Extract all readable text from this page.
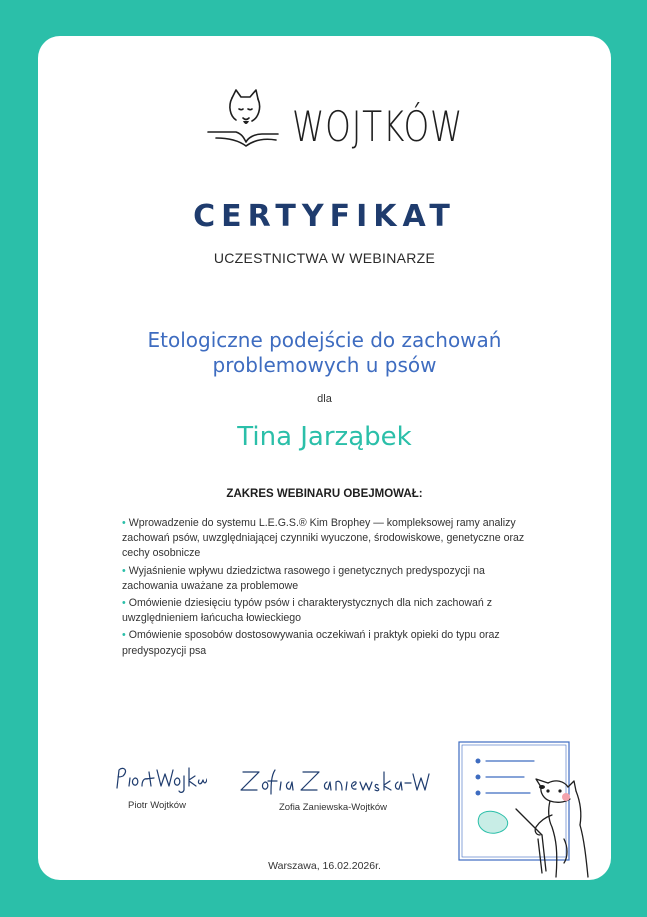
WOJTKÓW
CERTYFIKAT
UCZESTNICTWA W WEBINARZE
Etologiczne podejście do zachowań
problemowych u psów
dla
Tina Jarząbek
ZAKRES WEBINARU OBEJMOWAŁ:
• Wprowadzenie do systemu L.E.G.S.® Kim Brophey — kompleksowej ramy analizy zachowań psów, uwzględniającej czynniki wyuczone, środowiskowe, genetyczne oraz cechy osobnicze
• Wyjaśnienie wpływu dziedzictwa rasowego i genetycznych predyspozycji na zachowania uważane za problemowe
• Omówienie dziesięciu typów psów i charakterystycznych dla nich zachowań z uwzględnieniem łańcucha łowieckiego
• Omówienie sposobów dostosowywania oczekiwań i praktyk opieki do typu oraz predyspozycji psa
Piotr Wojtków	Zofia Zaniewska-Wojtków
Warszawa, 16.02.2026r.
